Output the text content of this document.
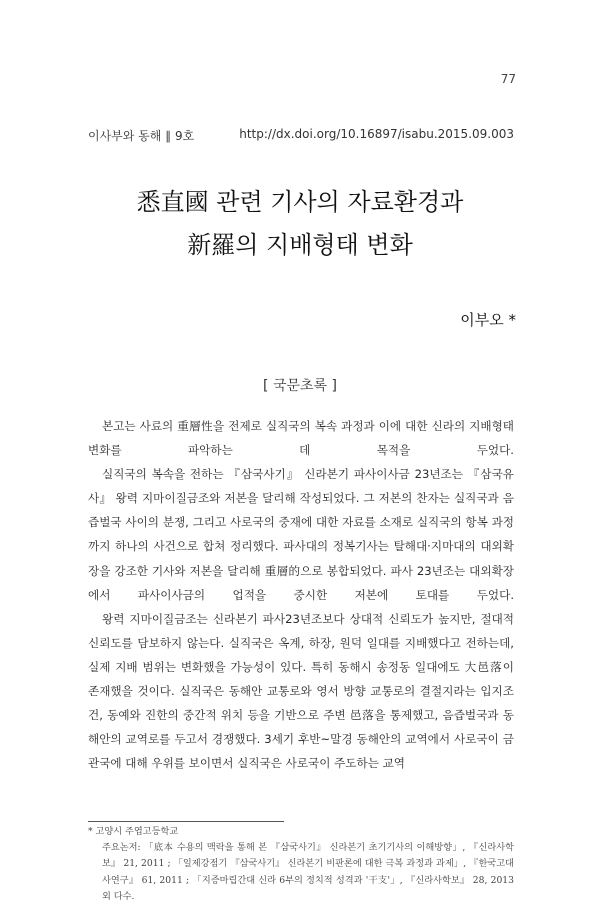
77
이사부와 동해 ∥ 9호	http://dx.doi.org/10.16897/isabu.2015.09.003
悉直國 관련 기사의 자료환경과
新羅의 지배형태 변화
이부오 *
[ 국문초록 ]

본고는 사료의 重層性을 전제로 실직국의 복속 과정과 이에 대한 신라의 지배형태 변화를 파악하는 데 목적을 두었다.

실직국의 복속을 전하는 『삼국사기』 신라본기 파사이사금 23년조는 『삼국유사』 왕력 지마이질금조와 저본을 달리해 작성되었다. 그 저본의 찬자는 실직국과 음즙벌국 사이의 분쟁, 그리고 사로국의 중재에 대한 자료를 소재로 실직국의 항복 과정까지 하나의 사건으로 합쳐 정리했다. 파사대의 정복기사는 탈해대·지마대의 대외확장을 강조한 기사와 저본을 달리해 重層的으로 봉합되었다. 파사 23년조는 대외확장에서 파사이사금의 업적을 중시한 저본에 토대를 두었다.

왕력 지마이질금조는 신라본기 파사23년조보다 상대적 신뢰도가 높지만, 절대적 신뢰도를 담보하지 않는다. 실직국은 옥계, 하장, 원덕 일대를 지배했다고 전하는데, 실제 지배 범위는 변화했을 가능성이 있다. 특히 동해시 송정동 일대에도 大邑落이 존재했을 것이다. 실직국은 동해안 교통로와 영서 방향 교통로의 결절지라는 입지조건, 동예와 진한의 중간적 위치 등을 기반으로 주변 邑落을 통제했고, 음즙벌국과 동해안의 교역로를 두고서 경쟁했다. 3세기 후반~말경 동해안의 교역에서 사로국이 금관국에 대해 우위를 보이면서 실직국은 사로국이 주도하는 교역

* 고양시 주엽고등학교

주요논저: 「底本 수용의 맥락을 통해 본 『삼국사기』 신라본기 초기기사의 이해방향」, 『신라사학보』 21, 2011 ; 「일제강점기 『삼국사기』 신라본기 비판론에 대한 극복 과정과 과제」, 『한국고대사연구』 61, 2011 ; 「지증마립간대 신라 6부의 정치적 성격과 '干支'」, 『신라사학보』 28, 2013 외 다수.
